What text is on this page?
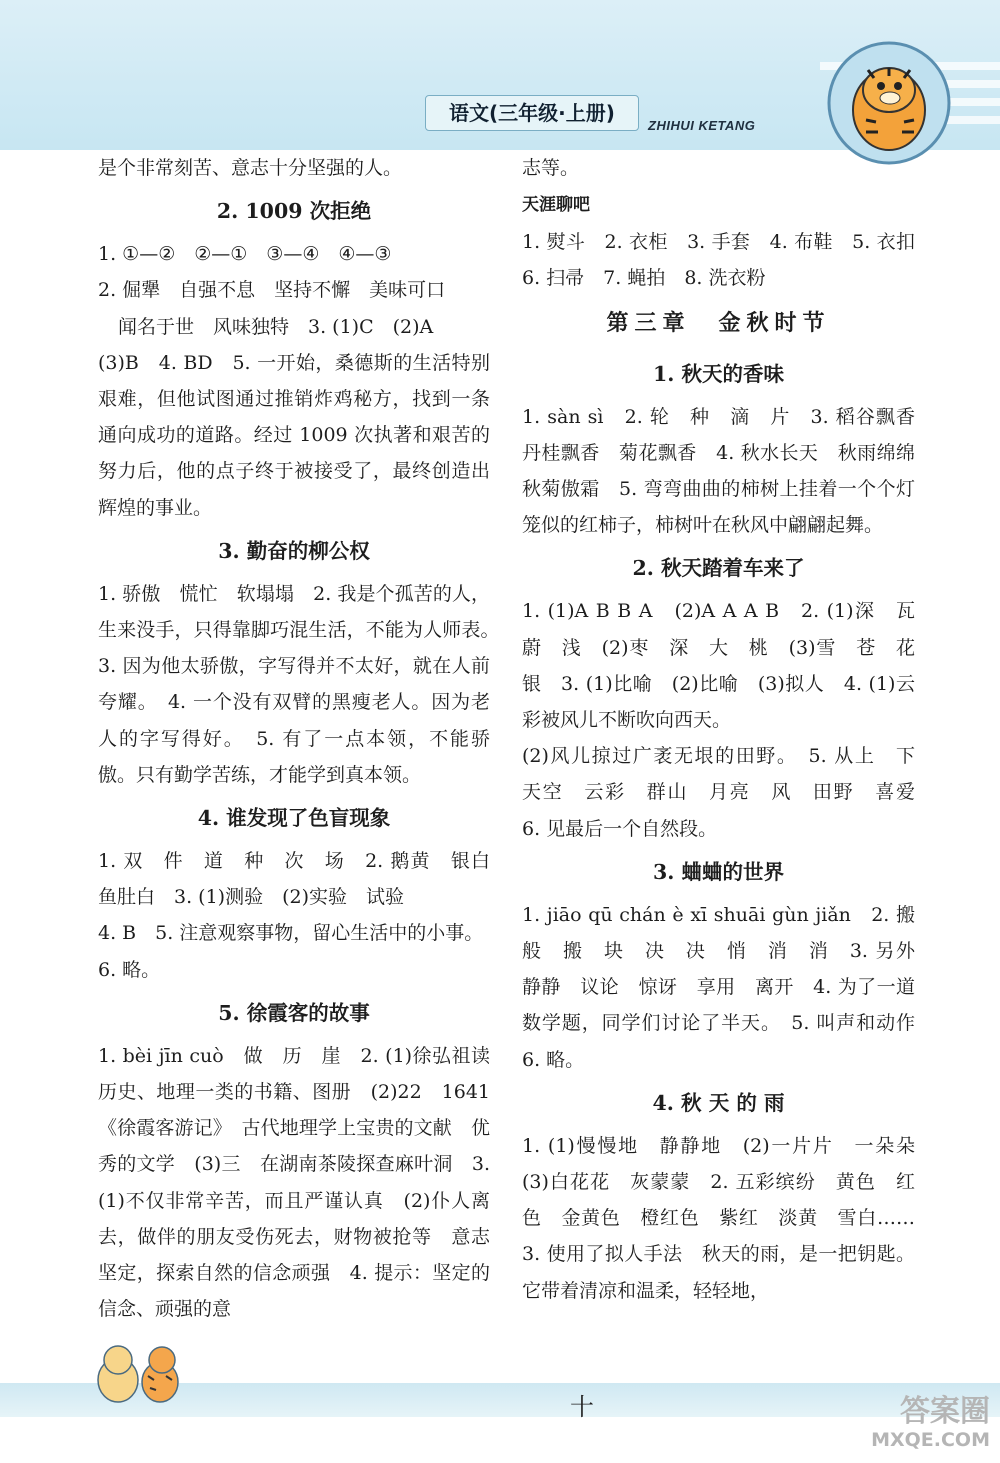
语文(三年级·上册)
ZHIHUI KETANG

是个非常刻苦、意志十分坚强的人。

2. 1009 次拒绝

1. ①—②　②—①　③—④　④—③

2. 倔犟　自强不息　坚持不懈　美味可口

闻名于世　风味独特　3. (1)C　(2)A

(3)B　4. BD　5. 一开始，桑德斯的生活特别艰难，但他试图通过推销炸鸡秘方，找到一条通向成功的道路。经过 1009 次执著和艰苦的努力后，他的点子终于被接受了，最终创造出辉煌的事业。

3. 勤奋的柳公权

1. 骄傲　慌忙　软塌塌　2. 我是个孤苦的人，生来没手，只得靠脚巧混生活，不能为人师表。　3. 因为他太骄傲，字写得并不太好，就在人前夸耀。　4. 一个没有双臂的黑瘦老人。因为老人的字写得好。　5. 有了一点本领，不能骄傲。只有勤学苦练，才能学到真本领。

4. 谁发现了色盲现象

1. 双　件　道　种　次　场　2. 鹅黄　银白　鱼肚白　3. (1)测验　(2)实验　试验

4. B　5. 注意观察事物，留心生活中的小事。

6. 略。

5. 徐霞客的故事

1. bèi jīn cuò　做　历　崖　2. (1)徐弘祖读历史、地理一类的书籍、图册　(2)22　1641　《徐霞客游记》　古代地理学上宝贵的文献　优秀的文学　(3)三　在湖南茶陵探查麻叶洞　3. (1)不仅非常辛苦，而且严谨认真　(2)仆人离去，做伴的朋友受伤死去，财物被抢等　意志坚定，探索自然的信念顽强　4. 提示：坚定的信念、顽强的意

志等。

天涯聊吧

1. 熨斗　2. 衣柜　3. 手套　4. 布鞋　5. 衣扣　6. 扫帚　7. 蝇拍　8. 洗衣粉

第三章　金秋时节
1. 秋天的香味

1. sàn sì　2. 轮　种　滴　片　3. 稻谷飘香　丹桂飘香　菊花飘香　4. 秋水长天　秋雨绵绵　秋菊傲霜　5. 弯弯曲曲的柿树上挂着一个个灯笼似的红柿子，柿树叶在秋风中翩翩起舞。

2. 秋天踏着车来了

1. (1)A B B A　(2)A A A B　2. (1)深　瓦　蔚　浅　(2)枣　深　大　桃　(3)雪　苍　花　银　3. (1)比喻　(2)比喻　(3)拟人　4. (1)云彩被风儿不断吹向西天。

(2)风儿掠过广袤无垠的田野。　5. 从上　下　天空　云彩　群山　月亮　风　田野　喜爱　6. 见最后一个自然段。

3. 蛐蛐的世界

1. jiāo qū chán è xī shuāi gùn jiǎn　2. 搬　般　搬　块　决　决　悄　消　消　3. 另外　静静　议论　惊讶　享用　离开　4. 为了一道数学题，同学们讨论了半天。　5. 叫声和动作　6. 略。

4. 秋 天 的 雨

1. (1)慢慢地　静静地　(2)一片片　一朵朵　(3)白花花　灰蒙蒙　2. 五彩缤纷　黄色　红色　金黄色　橙红色　紫红　淡黄　雪白……　3. 使用了拟人手法　秋天的雨，是一把钥匙。它带着清凉和温柔，轻轻地，

十	答案圈
MXQE.COM
